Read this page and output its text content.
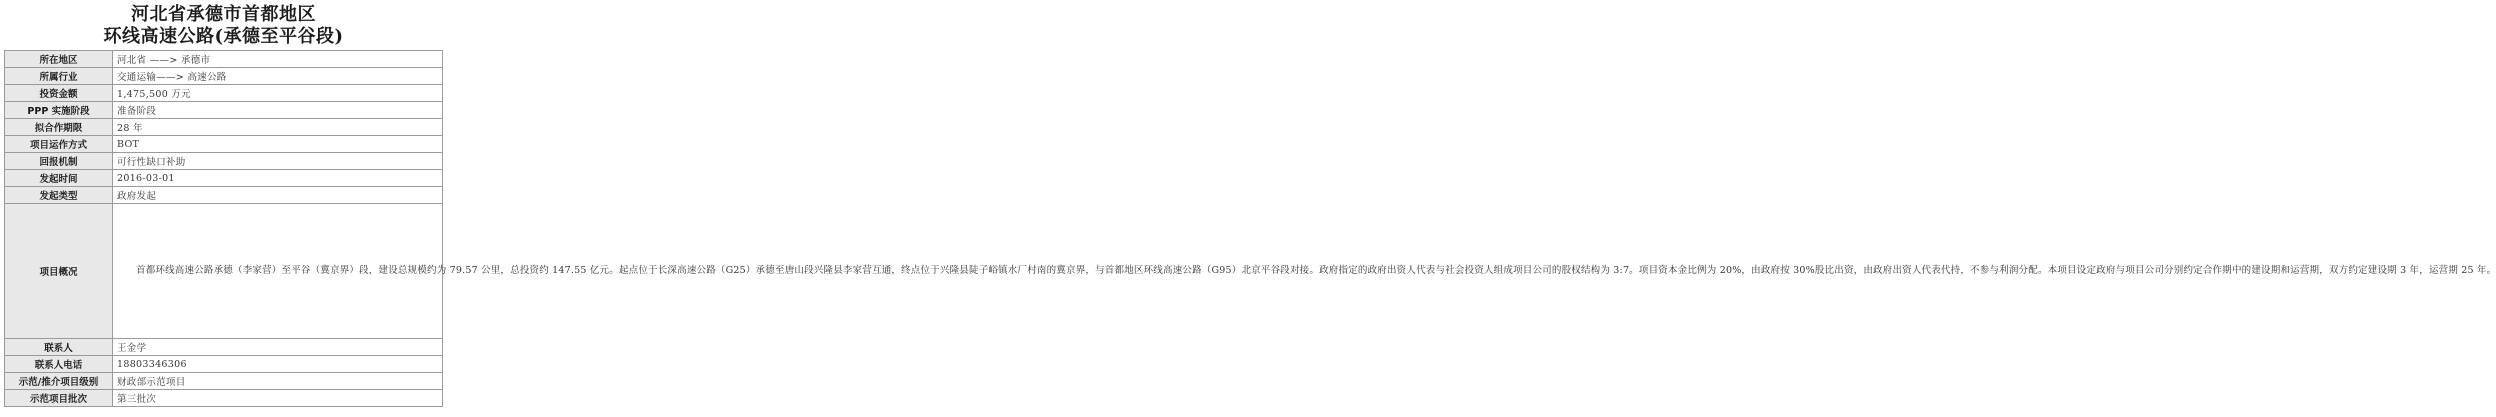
河北省承德市首都地区
环线高速公路(承德至平谷段)
所在地区	河北省 ——> 承德市
所属行业	交通运输——> 高速公路
投资金额	1,475,500 万元
PPP 实施阶段	准备阶段
拟合作期限	28 年
项目运作方式	BOT
回报机制	可行性缺口补助
发起时间	2016-03-01
发起类型	政府发起
项目概况	首都环线高速公路承德（李家营）至平谷（冀京界）段，建设总规模约为 79.57 公里，总投资约 147.55 亿元。起点位于长深高速公路（G25）承德至唐山段兴隆县李家营互通，终点位于兴隆县陡子峪镇水厂村南的冀京界，与首都地区环线高速公路（G95）北京平谷段对接。政府指定的政府出资人代表与社会投资人组成项目公司的股权结构为 3:7。项目资本金比例为 20%，由政府按 30%股比出资，由政府出资人代表代持，不参与利润分配。本项目设定政府与项目公司分别约定合作期中的建设期和运营期，双方约定建设期 3 年，运营期 25 年。
联系人	王金学
联系人电话	18803346306
示范/推介项目级别	财政部示范项目
示范项目批次	第三批次
